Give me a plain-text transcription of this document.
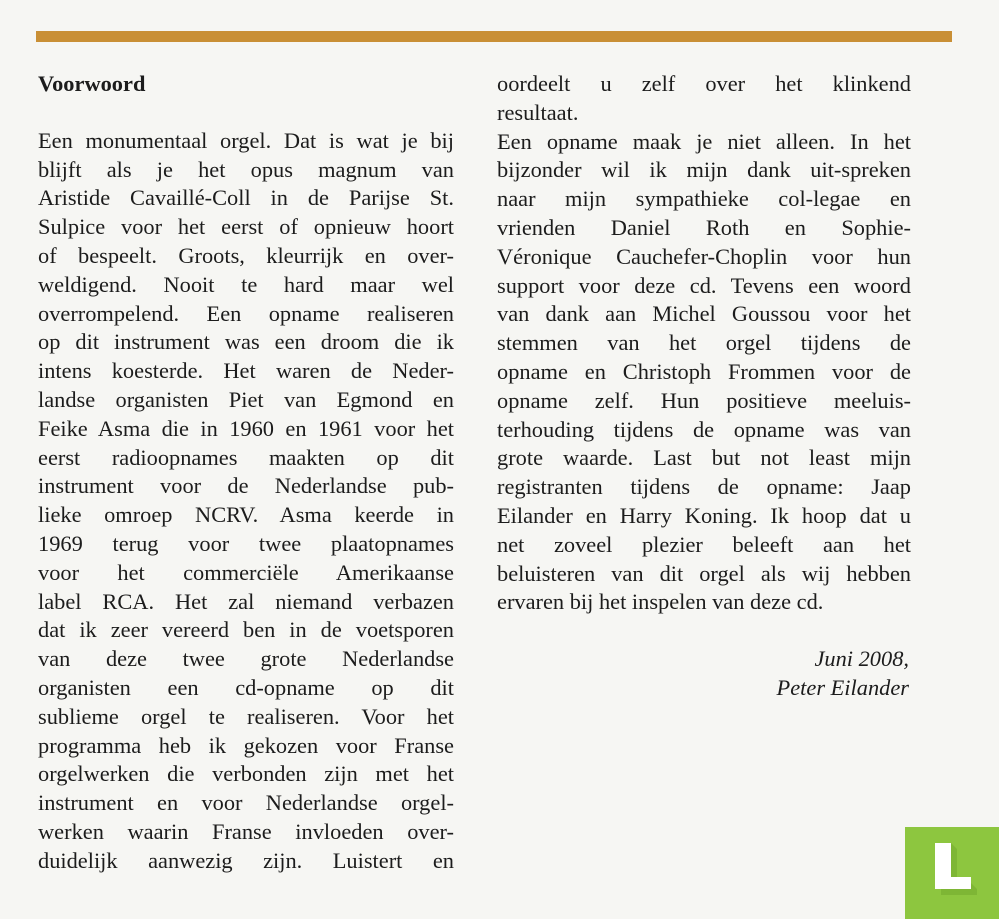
Voorwoord
Een monumentaal orgel. Dat is wat je bij
blijft als je het opus magnum van
Aristide Cavaillé-Coll in de Parijse St.
Sulpice voor het eerst of opnieuw hoort
of bespeelt. Groots, kleurrijk en over-
weldigend. Nooit te hard maar wel
overrompelend. Een opname realiseren
op dit instrument was een droom die ik
intens koesterde. Het waren de Neder-
landse organisten Piet van Egmond en
Feike Asma die in 1960 en 1961 voor het
eerst radioopnames maakten op dit
instrument voor de Nederlandse pub-
lieke omroep NCRV. Asma keerde in
1969 terug voor twee plaatopnames
voor het commerciële Amerikaanse
label RCA. Het zal niemand verbazen
dat ik zeer vereerd ben in de voetsporen
van deze twee grote Nederlandse
organisten een cd-opname op dit
sublieme orgel te realiseren. Voor het
programma heb ik gekozen voor Franse
orgelwerken die verbonden zijn met het
instrument en voor Nederlandse orgel-
werken waarin Franse invloeden over-
duidelijk aanwezig zijn. Luistert en
oordeelt u zelf over het klinkend
resultaat.
Een opname maak je niet alleen. In het
bijzonder wil ik mijn dank uit-spreken
naar mijn sympathieke col-legae en
vrienden Daniel Roth en Sophie-
Véronique Cauchefer-Choplin voor hun
support voor deze cd. Tevens een woord
van dank aan Michel Goussou voor het
stemmen van het orgel tijdens de
opname en Christoph Frommen voor de
opname zelf. Hun positieve meeluis-
terhouding tijdens de opname was van
grote waarde. Last but not least mijn
registranten tijdens de opname: Jaap
Eilander en Harry Koning. Ik hoop dat u
net zoveel plezier beleeft aan het
beluisteren van dit orgel als wij hebben
ervaren bij het inspelen van deze cd.
Juni 2008,
Peter Eilander
